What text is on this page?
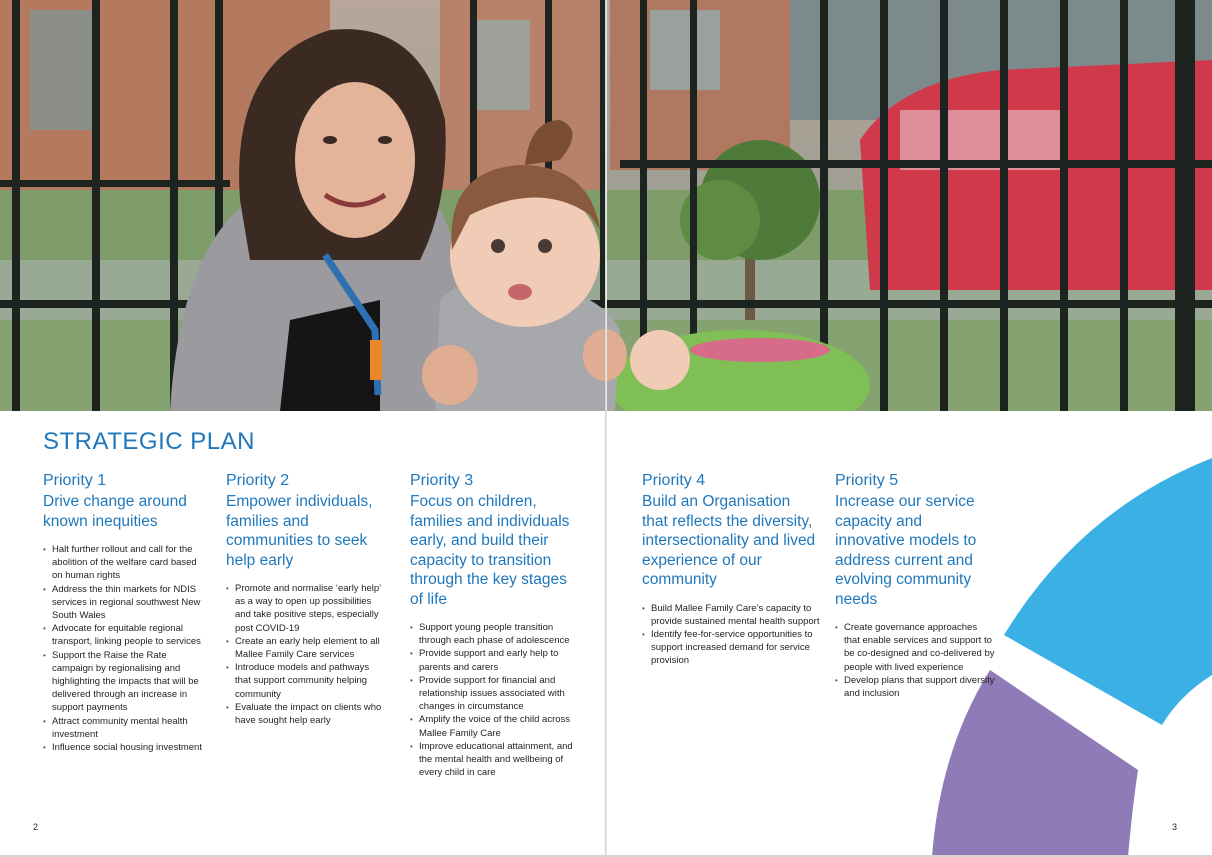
STRATEGIC PLAN
Priority 1
Drive change around known inequities
• Halt further rollout and call for the abolition of the welfare card based on human rights
• Address the thin markets for NDIS services in regional southwest New South Wales
• Advocate for equitable regional transport, linking people to services
• Support the Raise the Rate campaign by regionalising and highlighting the impacts that will be delivered through an increase in support payments
• Attract community mental health investment
• Influence social housing investment
Priority 2
Empower individuals, families and communities to seek help early
• Promote and normalise ‘early help’ as a way to open up possibilities and take positive steps, especially post COVID-19
• Create an early help element to all Mallee Family Care services
• Introduce models and pathways that support community helping community
• Evaluate the impact on clients who have sought help early
Priority 3
Focus on children, families and individuals early, and build their capacity to transition through the key stages of life
• Support young people transition through each phase of adolescence
• Provide support and early help to parents and carers
• Provide support for financial and relationship issues associated with changes in circumstance
• Amplify the voice of the child across Mallee Family Care
• Improve educational attainment, and the mental health and wellbeing of every child in care
Priority 4
Build an Organisation that reflects the diversity, intersectionality and lived experience of our community
• Build Mallee Family Care’s capacity to provide sustained mental health support
• Identify fee-for-service opportunities to support increased demand for service provision
Priority 5
Increase our service capacity and innovative models to address current and evolving community needs
• Create governance approaches that enable services and support to be co-designed and co-delivered by people with lived experience
• Develop plans that support diversity and inclusion
2	3
